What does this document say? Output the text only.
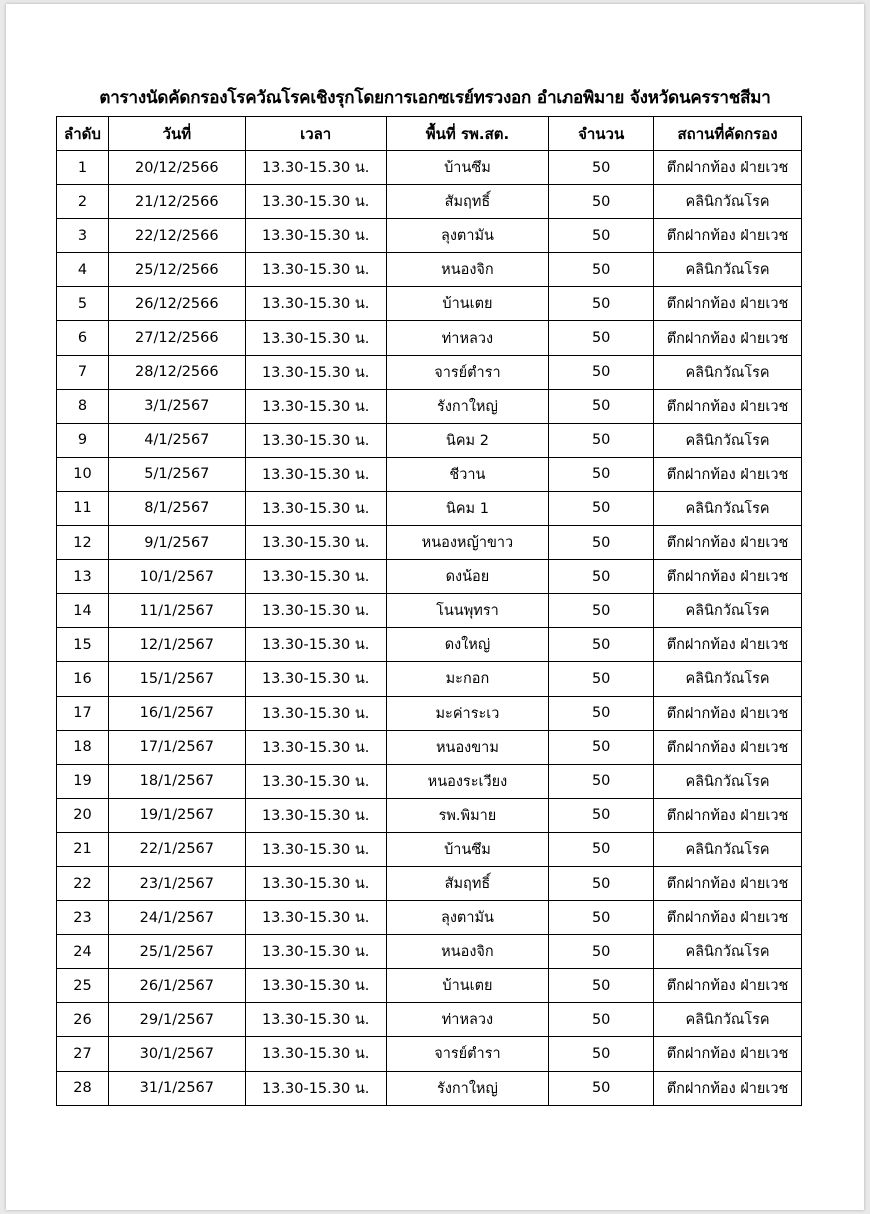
ตารางนัดคัดกรองโรควัณโรคเชิงรุกโดยการเอกซเรย์ทรวงอก อำเภอพิมาย จังหวัดนครราชสีมา
ลำดับ	วันที่	เวลา	พื้นที่ รพ.สต.	จำนวน	สถานที่คัดกรอง
1	20/12/2566	13.30-15.30 น.	บ้านซึม	50	ตึกฝากท้อง ฝ่ายเวช
2	21/12/2566	13.30-15.30 น.	สัมฤทธิ์	50	คลินิกวัณโรค
3	22/12/2566	13.30-15.30 น.	ลุงตามัน	50	ตึกฝากท้อง ฝ่ายเวช
4	25/12/2566	13.30-15.30 น.	หนองจิก	50	คลินิกวัณโรค
5	26/12/2566	13.30-15.30 น.	บ้านเตย	50	ตึกฝากท้อง ฝ่ายเวช
6	27/12/2566	13.30-15.30 น.	ท่าหลวง	50	ตึกฝากท้อง ฝ่ายเวช
7	28/12/2566	13.30-15.30 น.	จารย์ตำรา	50	คลินิกวัณโรค
8	3/1/2567	13.30-15.30 น.	รังกาใหญ่	50	ตึกฝากท้อง ฝ่ายเวช
9	4/1/2567	13.30-15.30 น.	นิคม 2	50	คลินิกวัณโรค
10	5/1/2567	13.30-15.30 น.	ชีวาน	50	ตึกฝากท้อง ฝ่ายเวช
11	8/1/2567	13.30-15.30 น.	นิคม 1	50	คลินิกวัณโรค
12	9/1/2567	13.30-15.30 น.	หนองหญ้าขาว	50	ตึกฝากท้อง ฝ่ายเวช
13	10/1/2567	13.30-15.30 น.	ดงน้อย	50	ตึกฝากท้อง ฝ่ายเวช
14	11/1/2567	13.30-15.30 น.	โนนพุทรา	50	คลินิกวัณโรค
15	12/1/2567	13.30-15.30 น.	ดงใหญ่	50	ตึกฝากท้อง ฝ่ายเวช
16	15/1/2567	13.30-15.30 น.	มะกอก	50	คลินิกวัณโรค
17	16/1/2567	13.30-15.30 น.	มะค่าระเว	50	ตึกฝากท้อง ฝ่ายเวช
18	17/1/2567	13.30-15.30 น.	หนองขาม	50	ตึกฝากท้อง ฝ่ายเวช
19	18/1/2567	13.30-15.30 น.	หนองระเวียง	50	คลินิกวัณโรค
20	19/1/2567	13.30-15.30 น.	รพ.พิมาย	50	ตึกฝากท้อง ฝ่ายเวช
21	22/1/2567	13.30-15.30 น.	บ้านซึม	50	คลินิกวัณโรค
22	23/1/2567	13.30-15.30 น.	สัมฤทธิ์	50	ตึกฝากท้อง ฝ่ายเวช
23	24/1/2567	13.30-15.30 น.	ลุงตามัน	50	ตึกฝากท้อง ฝ่ายเวช
24	25/1/2567	13.30-15.30 น.	หนองจิก	50	คลินิกวัณโรค
25	26/1/2567	13.30-15.30 น.	บ้านเตย	50	ตึกฝากท้อง ฝ่ายเวช
26	29/1/2567	13.30-15.30 น.	ท่าหลวง	50	คลินิกวัณโรค
27	30/1/2567	13.30-15.30 น.	จารย์ตำรา	50	ตึกฝากท้อง ฝ่ายเวช
28	31/1/2567	13.30-15.30 น.	รังกาใหญ่	50	ตึกฝากท้อง ฝ่ายเวช
